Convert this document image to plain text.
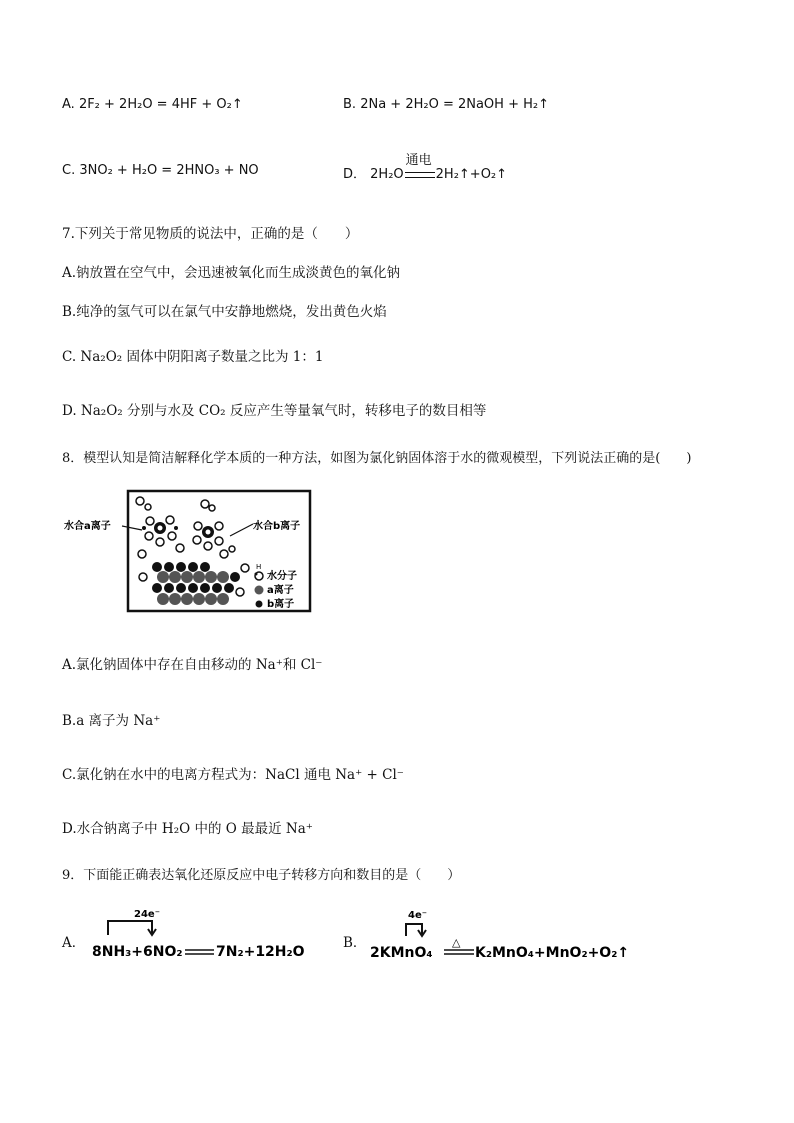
A. 2F₂ + 2H₂O = 4HF + O₂↑	B. 2Na + 2H₂O = 2NaOH + H₂↑
C. 3NO₂ + H₂O = 2HNO₃ + NO	D． 2H₂O
通电
2H₂↑+O₂↑
7.下列关于常见物质的说法中，正确的是（　　）
A.钠放置在空气中，会迅速被氧化而生成淡黄色的氧化钠
B.纯净的氢气可以在氯气中安静地燃烧，发出黄色火焰
C. Na₂O₂ 固体中阴阳离子数量之比为 1：1
D. Na₂O₂ 分别与水及 CO₂ 反应产生等量氧气时，转移电子的数目相等
8．模型认知是简洁解释化学本质的一种方法，如图为氯化钠固体溶于水的微观模型，下列说法正确的是(　　)
水合a离子	水合b离子
H
水分子
a离子
b离子
A.氯化钠固体中存在自由移动的 Na⁺和 Cl⁻
B.a 离子为 Na⁺
C.氯化钠在水中的电离方程式为：NaCl 通电 Na⁺ + Cl⁻
D.水合钠离子中 H₂O 中的 O 最最近 Na⁺
9．下面能正确表达氧化还原反应中电子转移方向和数目的是（　　）
A．
24e⁻
8NH₃+6NO₂ 7N₂+12H₂O
B．
4e⁻
2KMnO₄
△
K₂MnO₄+MnO₂+O₂↑
